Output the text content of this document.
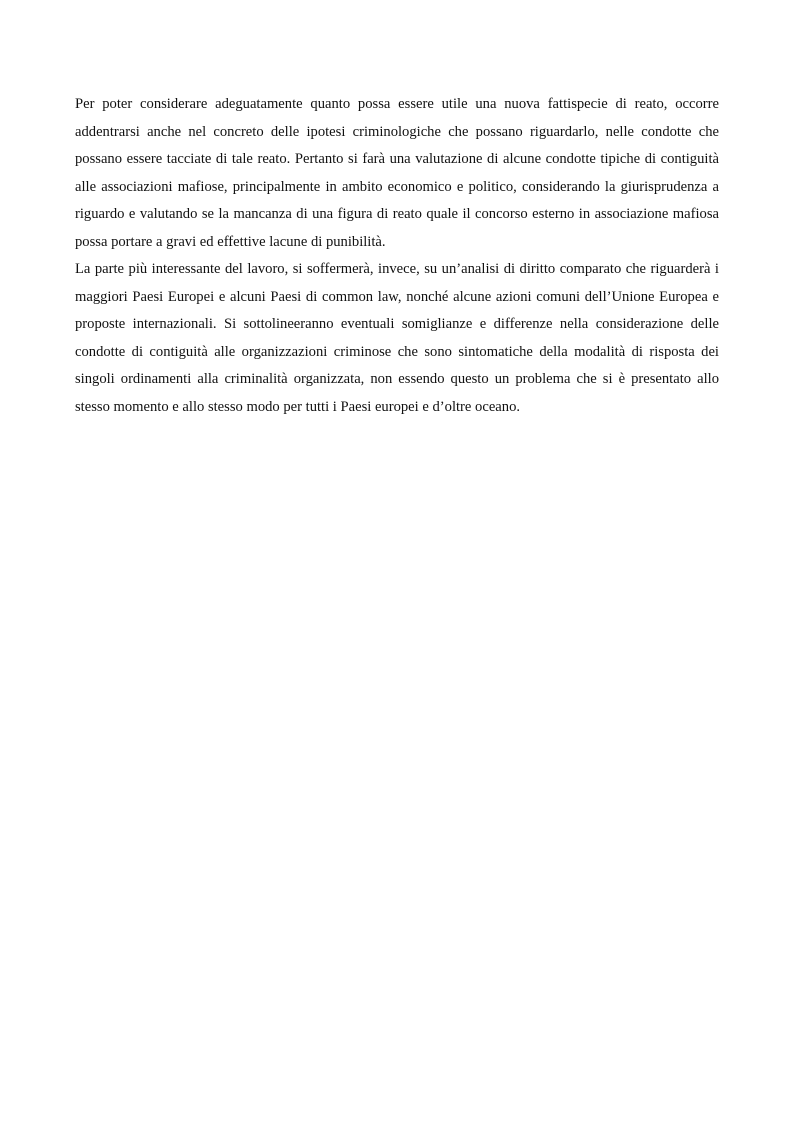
Per poter considerare adeguatamente quanto possa essere utile una nuova fattispecie di reato, occorre addentrarsi anche nel concreto delle ipotesi criminologiche che possano riguardarlo, nelle condotte che possano essere tacciate di tale reato. Pertanto si farà una valutazione di alcune condotte tipiche di contiguità alle associazioni mafiose, principalmente in ambito economico e politico, considerando la giurisprudenza a riguardo e valutando se la mancanza di una figura di reato quale il concorso esterno in associazione mafiosa possa portare a gravi ed effettive lacune di punibilità.

La parte più interessante del lavoro, si soffermerà, invece, su un’analisi di diritto comparato che riguarderà i maggiori Paesi Europei e alcuni Paesi di common law, nonché alcune azioni comuni dell’Unione Europea e proposte internazionali. Si sottolineeranno eventuali somiglianze e differenze nella considerazione delle condotte di contiguità alle organizzazioni criminose che sono sintomatiche della modalità di risposta dei singoli ordinamenti alla criminalità organizzata, non essendo questo un problema che si è presentato allo stesso momento e allo stesso modo per tutti i Paesi europei e d’oltre oceano.
